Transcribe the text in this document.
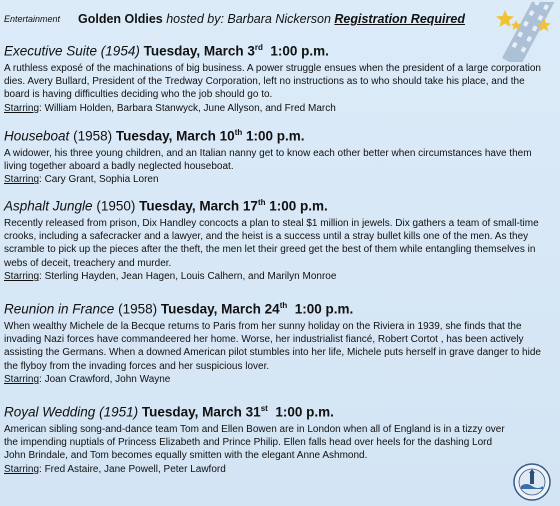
Entertainment Golden Oldies hosted by: Barbara Nickerson Registration Required
Executive Suite (1954) Tuesday, March 3rd 1:00 p.m.
A ruthless exposé of the machinations of big business. A power struggle ensues when the president of a large corporation dies. Avery Bullard, President of the Tredway Corporation, left no instructions as to who should take his place, and the board is having difficulties deciding who the job should go to.
Starring: William Holden, Barbara Stanwyck, June Allyson, and Fred March
Houseboat (1958) Tuesday, March 10th 1:00 p.m.
A widower, his three young children, and an Italian nanny get to know each other better when circumstances have them living together aboard a badly neglected houseboat.
Starring: Cary Grant, Sophia Loren
Asphalt Jungle (1950) Tuesday, March 17th 1:00 p.m.
Recently released from prison, Dix Handley concocts a plan to steal $1 million in jewels. Dix gathers a team of small-time crooks, including a safecracker and a lawyer, and the heist is a success until a stray bullet kills one of the men. As they scramble to pick up the pieces after the theft, the men let their greed get the best of them while entangling themselves in webs of deceit, treachery and murder.
Starring: Sterling Hayden, Jean Hagen, Louis Calhern, and Marilyn Monroe
Reunion in France (1958) Tuesday, March 24th 1:00 p.m.
When wealthy Michele de la Becque returns to Paris from her sunny holiday on the Riviera in 1939, she finds that the invading Nazi forces have commandeered her home. Worse, her industrialist fiancé, Robert Cortot , has been actively assisting the Germans. When a downed American pilot stumbles into her life, Michele puts herself in grave danger to hide the flyboy from the invading forces and her suspicious lover.
Starring: Joan Crawford, John Wayne
Royal Wedding (1951) Tuesday, March 31st 1:00 p.m.
American sibling song-and-dance team Tom and Ellen Bowen are in London when all of England is in a tizzy over the impending nuptials of Princess Elizabeth and Prince Philip. Ellen falls head over heels for the dashing Lord John Brindale, and Tom becomes equally smitten with the elegant Anne Ashmond.
Starring: Fred Astaire, Jane Powell, Peter Lawford
